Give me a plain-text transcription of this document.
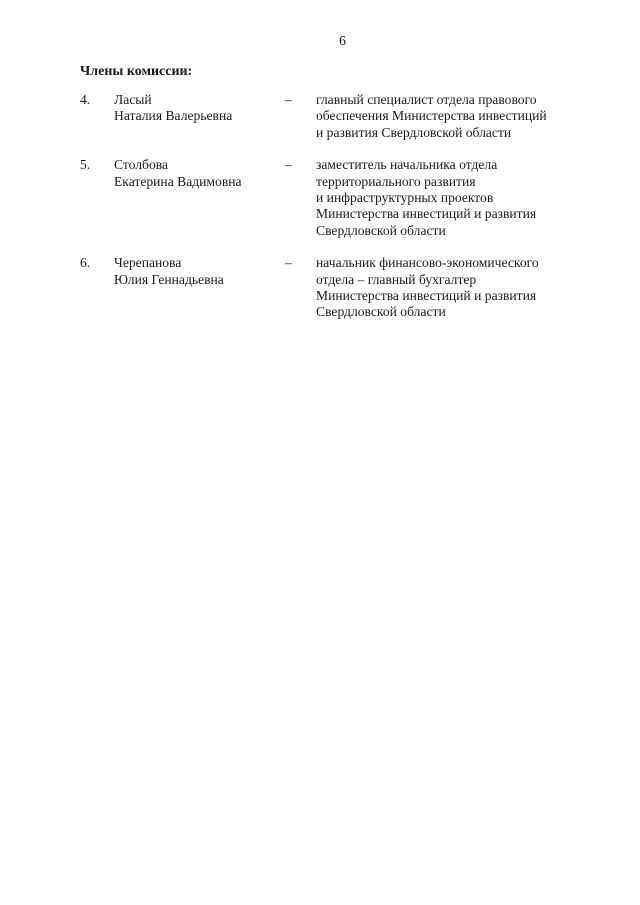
6
Члены комиссии:
4. Ласый
Наталия Валерьевна
– главный специалист отдела правового
обеспечения Министерства инвестиций
и развития Свердловской области
5. Столбова
Екатерина Вадимовна
– заместитель начальника отдела
территориального развития
и инфраструктурных проектов
Министерства инвестиций и развития
Свердловской области
6. Черепанова
Юлия Геннадьевна
– начальник финансово-экономического
отдела – главный бухгалтер
Министерства инвестиций и развития
Свердловской области
